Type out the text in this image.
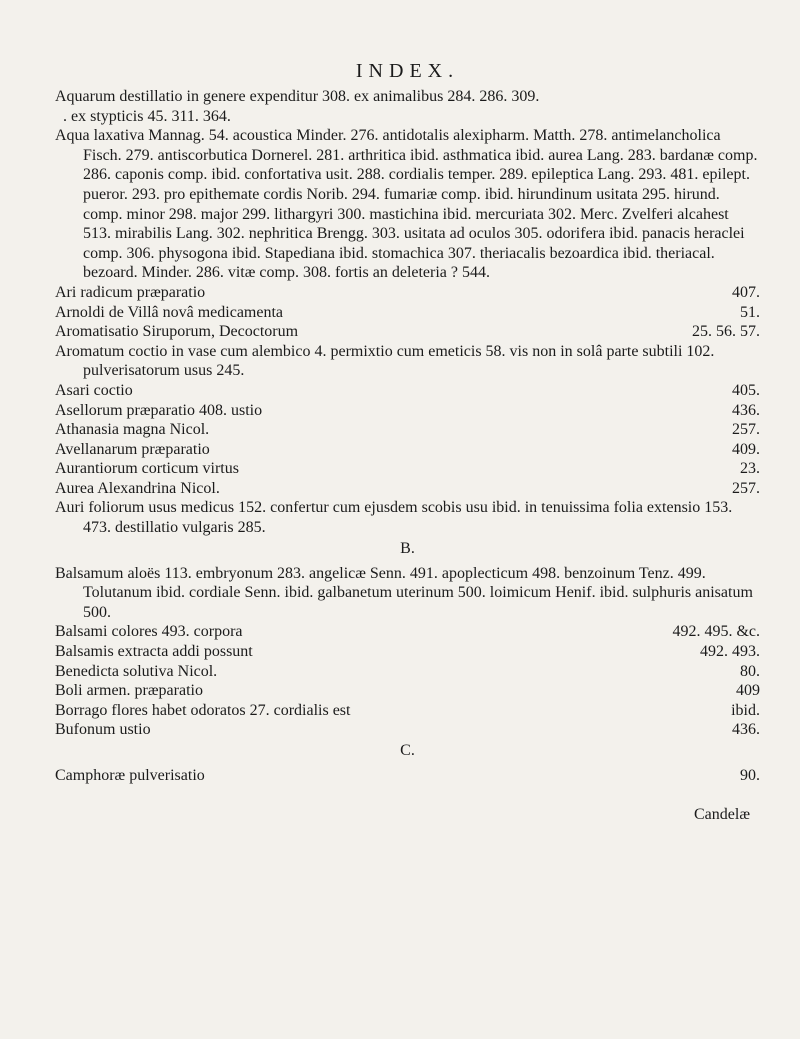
INDEX.

Aquarum destillatio in genere expenditur 308. ex animalibus 284. 286. 309.

. ex stypticis 45. 311. 364.

Aqua laxativa Mannag. 54. acoustica Minder. 276. antidotalis alexipharm. Matth. 278. antimelancholica Fisch. 279. antiscorbutica Dornerel. 281. arthritica ibid. asthmatica ibid. aurea Lang. 283. bardanæ comp. 286. caponis comp. ibid. confortativa usit. 288. cordialis temper. 289. epileptica Lang. 293. 481. epilept. pueror. 293. pro epithemate cordis Norib. 294. fumariæ comp. ibid. hirundinum usitata 295. hirund. comp. minor 298. major 299. lithargyri 300. mastichina ibid. mercuriata 302. Merc. Zvelferi alcahest 513. mirabilis Lang. 302. nephritica Brengg. 303. usitata ad oculos 305. odorifera ibid. panacis heraclei comp. 306. physogona ibid. Stapediana ibid. stomachica 307. theriacalis bezoardica ibid. theriacal. bezoard. Minder. 286. vitæ comp. 308. fortis an deleteria ? 544.

Ari radicum præparatio	407.
Arnoldi de Villâ novâ medicamenta	51.
Aromatisatio Siruporum, Decoctorum	25. 56. 57.

Aromatum coctio in vase cum alembico 4. permixtio cum emeticis 58. vis non in solâ parte subtili 102. pulverisatorum usus 245.

Asari coctio	405.
Asellorum præparatio 408. ustio	436.
Athanasia magna Nicol.	257.
Avellanarum præparatio	409.
Aurantiorum corticum virtus	23.
Aurea Alexandrina Nicol.	257.

Auri foliorum usus medicus 152. confertur cum ejusdem scobis usu ibid. in tenuissima folia extensio 153. 473. destillatio vulgaris 285.

B.

Balsamum aloës 113. embryonum 283. angelicæ Senn. 491. apoplecticum 498. benzoinum Tenz. 499. Tolutanum ibid. cordiale Senn. ibid. galbanetum uterinum 500. loimicum Henif. ibid. sulphuris anisatum 500.

Balsami colores 493. corpora	492. 495. &c.
Balsamis extracta addi possunt	492. 493.
Benedicta solutiva Nicol.	80.
Boli armen. præparatio	409
Borrago flores habet odoratos 27. cordialis est	ibid.
Bufonum ustio	436.
C.
Camphoræ pulverisatio	90.
Candelæ
